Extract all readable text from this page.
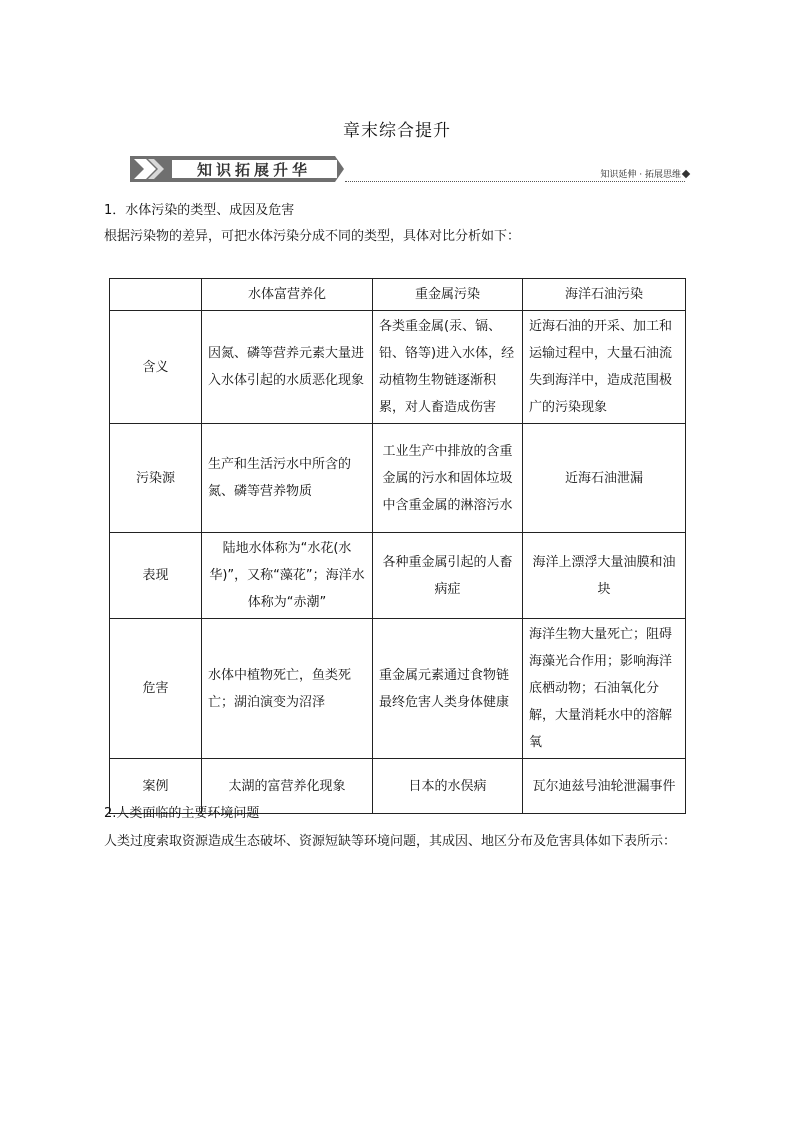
章末综合提升
知识拓展升华	知识延伸 · 拓展思维
1．水体污染的类型、成因及危害
根据污染物的差异，可把水体污染分成不同的类型，具体对比分析如下：
	水体富营养化	重金属污染	海洋石油污染
含义	因氮、磷等营养元素大量进入水体引起的水质恶化现象	各类重金属(汞、镉、铅、铬等)进入水体，经动植物生物链逐渐积累，对人畜造成伤害	近海石油的开采、加工和运输过程中，大量石油流失到海洋中，造成范围极广的污染现象
污染源	生产和生活污水中所含的氮、磷等营养物质	工业生产中排放的含重金属的污水和固体垃圾中含重金属的淋溶污水	近海石油泄漏
表现	陆地水体称为“水花(水华)”，又称“藻花”；海洋水体称为“赤潮”	各种重金属引起的人畜病症	海洋上漂浮大量油膜和油块
危害	水体中植物死亡，鱼类死亡；湖泊演变为沼泽	重金属元素通过食物链最终危害人类身体健康	海洋生物大量死亡；阻碍海藻光合作用；影响海洋底栖动物；石油氧化分解，大量消耗水中的溶解氧
案例	太湖的富营养化现象	日本的水俣病	瓦尔迪兹号油轮泄漏事件
2.人类面临的主要环境问题
人类过度索取资源造成生态破坏、资源短缺等环境问题，其成因、地区分布及危害具体如下表所示：
